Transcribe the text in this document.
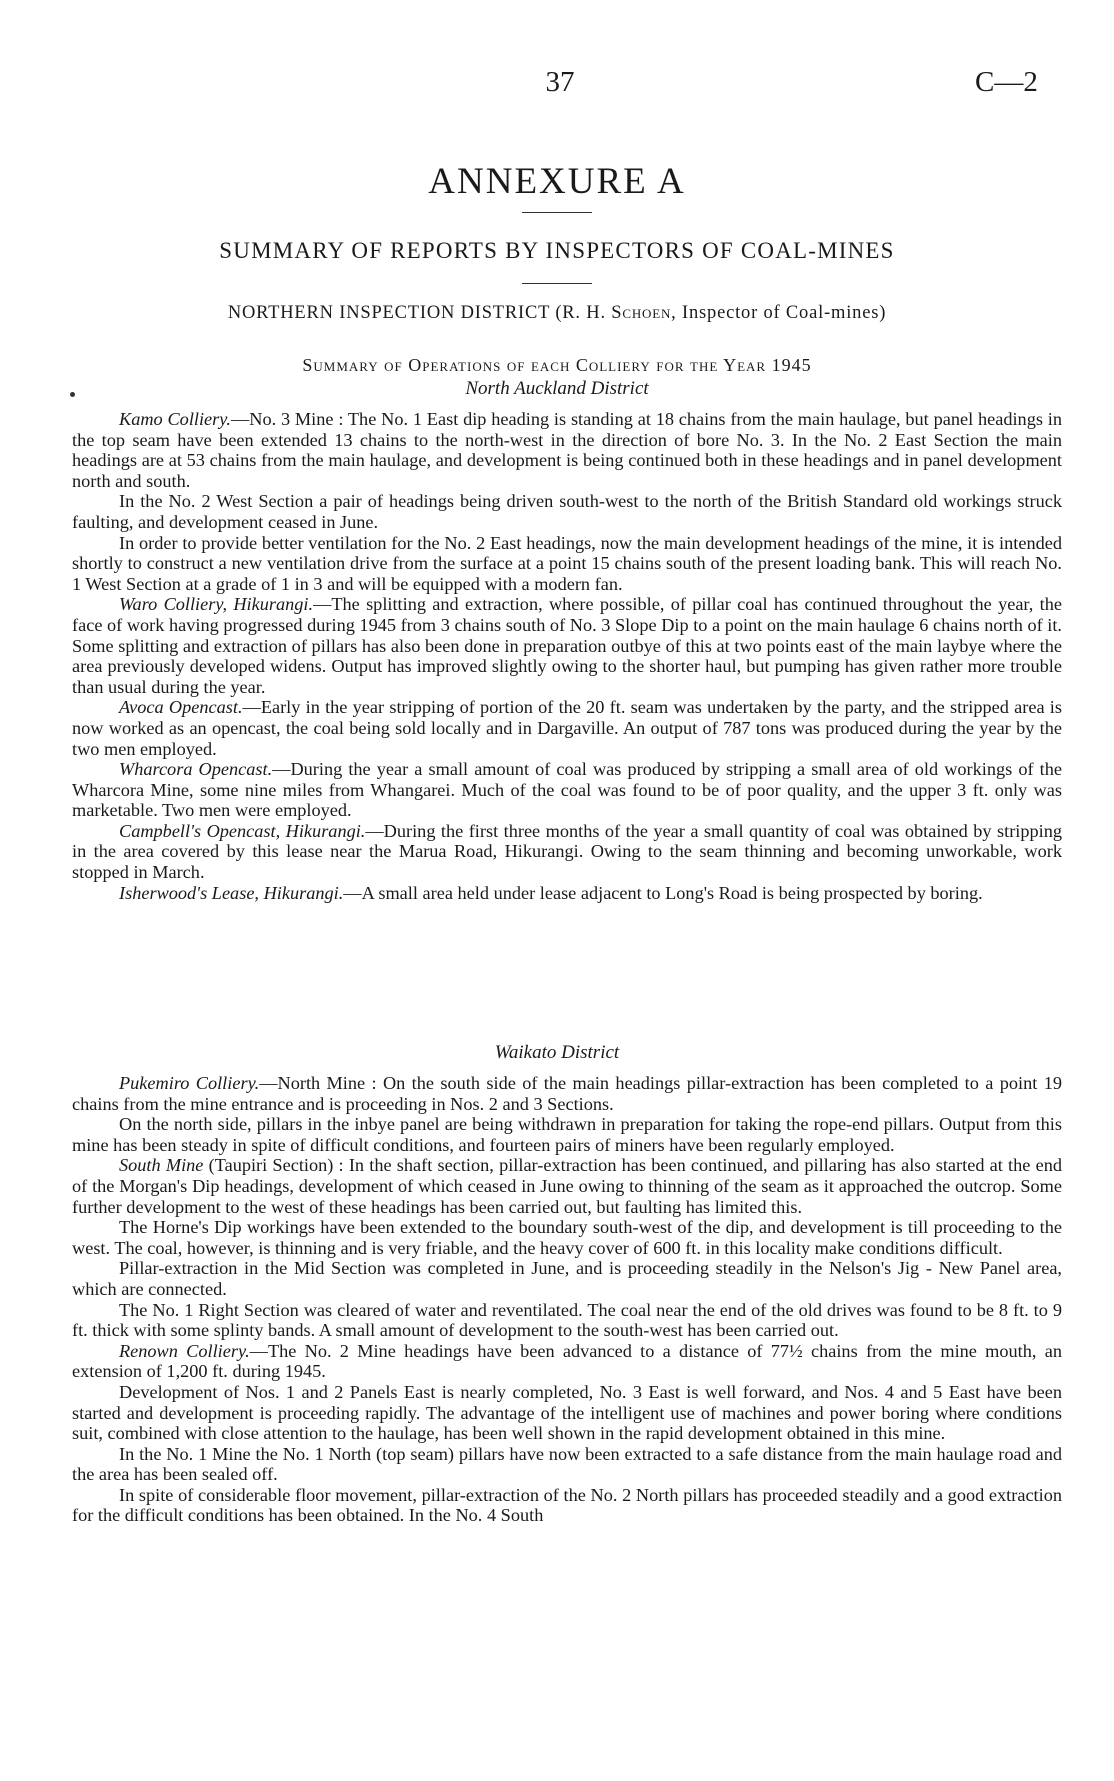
37	C—2
ANNEXURE A
SUMMARY OF REPORTS BY INSPECTORS OF COAL-MINES
NORTHERN INSPECTION DISTRICT (R. H. Schoen, Inspector of Coal-mines)
Summary of Operations of each Colliery for the Year 1945
North Auckland District

Kamo Colliery.—No. 3 Mine : The No. 1 East dip heading is standing at 18 chains from the main haulage, but panel headings in the top seam have been extended 13 chains to the north-west in the direction of bore No. 3. In the No. 2 East Section the main headings are at 53 chains from the main haulage, and development is being continued both in these headings and in panel development north and south.

In the No. 2 West Section a pair of headings being driven south-west to the north of the British Standard old workings struck faulting, and development ceased in June.

In order to provide better ventilation for the No. 2 East headings, now the main development headings of the mine, it is intended shortly to construct a new ventilation drive from the surface at a point 15 chains south of the present loading bank. This will reach No. 1 West Section at a grade of 1 in 3 and will be equipped with a modern fan.

Waro Colliery, Hikurangi.—The splitting and extraction, where possible, of pillar coal has continued throughout the year, the face of work having progressed during 1945 from 3 chains south of No. 3 Slope Dip to a point on the main haulage 6 chains north of it. Some splitting and extraction of pillars has also been done in preparation outbye of this at two points east of the main laybye where the area previously developed widens. Output has improved slightly owing to the shorter haul, but pumping has given rather more trouble than usual during the year.

Avoca Opencast.—Early in the year stripping of portion of the 20 ft. seam was undertaken by the party, and the stripped area is now worked as an opencast, the coal being sold locally and in Dargaville. An output of 787 tons was produced during the year by the two men employed.

Wharcora Opencast.—During the year a small amount of coal was produced by stripping a small area of old workings of the Wharcora Mine, some nine miles from Whangarei. Much of the coal was found to be of poor quality, and the upper 3 ft. only was marketable. Two men were employed.

Campbell's Opencast, Hikurangi.—During the first three months of the year a small quantity of coal was obtained by stripping in the area covered by this lease near the Marua Road, Hikurangi. Owing to the seam thinning and becoming unworkable, work stopped in March.

Isherwood's Lease, Hikurangi.—A small area held under lease adjacent to Long's Road is being prospected by boring.

Waikato District

Pukemiro Colliery.—North Mine : On the south side of the main headings pillar-extraction has been completed to a point 19 chains from the mine entrance and is proceeding in Nos. 2 and 3 Sections.

On the north side, pillars in the inbye panel are being withdrawn in preparation for taking the rope-end pillars. Output from this mine has been steady in spite of difficult conditions, and fourteen pairs of miners have been regularly employed.

South Mine (Taupiri Section) : In the shaft section, pillar-extraction has been continued, and pillaring has also started at the end of the Morgan's Dip headings, development of which ceased in June owing to thinning of the seam as it approached the outcrop. Some further development to the west of these headings has been carried out, but faulting has limited this.

The Horne's Dip workings have been extended to the boundary south-west of the dip, and development is till proceeding to the west. The coal, however, is thinning and is very friable, and the heavy cover of 600 ft. in this locality make conditions difficult.

Pillar-extraction in the Mid Section was completed in June, and is proceeding steadily in the Nelson's Jig - New Panel area, which are connected.

The No. 1 Right Section was cleared of water and reventilated. The coal near the end of the old drives was found to be 8 ft. to 9 ft. thick with some splinty bands. A small amount of development to the south-west has been carried out.

Renown Colliery.—The No. 2 Mine headings have been advanced to a distance of 77½ chains from the mine mouth, an extension of 1,200 ft. during 1945.

Development of Nos. 1 and 2 Panels East is nearly completed, No. 3 East is well forward, and Nos. 4 and 5 East have been started and development is proceeding rapidly. The advantage of the intelligent use of machines and power boring where conditions suit, combined with close attention to the haulage, has been well shown in the rapid development obtained in this mine.

In the No. 1 Mine the No. 1 North (top seam) pillars have now been extracted to a safe distance from the main haulage road and the area has been sealed off.

In spite of considerable floor movement, pillar-extraction of the No. 2 North pillars has proceeded steadily and a good extraction for the difficult conditions has been obtained. In the No. 4 South
